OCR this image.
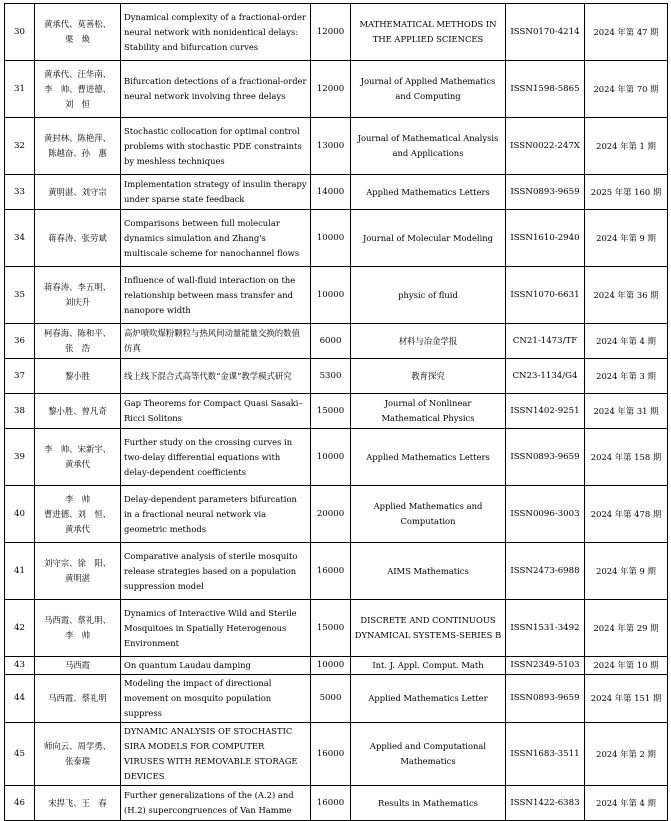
30	黄承代、莫善松、
栗　焕	Dynamical complexity of a fractional-order neural network with nonidentical delays: Stability and bifurcation curves	12000	MATHEMATICAL METHODS IN THE APPLIED SCIENCES	ISSN0170-4214	2024 年第 47 期
31	黄承代、汪华南、
李　帅、曹进德、
刘　恒	Bifurcation detections of a fractional-order neural network involving three delays	12000	Journal of Applied Mathematics and Computing	ISSN1598-5865	2024 年第 70 期
32	黄封林、陈艳萍、
陈越奋、孙　惠	Stochastic collocation for optimal control problems with stochastic PDE constraints by meshless techniques	13000	Journal of Mathematical Analysis and Applications	ISSN0022-247X	2024 年第 1 期
33	黄明湛、刘守宗	Implementation strategy of insulin therapy under sparse state feedback	14000	Applied Mathematics Letters	ISSN0893-9659	2025 年第 160 期
34	蒋春涛、张劳斌	Comparisons between full molecular dynamics simulation and Zhang's multiscale scheme for nanochannel flows	10000	Journal of Molecular Modeling	ISSN1610-2940	2024 年第 9 期
35	蒋春涛、李五明、
刘庆升	Influence of wall-fluid interaction on the relationship between mass transfer and nanopore width	10000	physic of fluid	ISSN1070-6631	2024 年第 36 期
36	柯春海、陈和平、
张　浩	高炉喷吹煤粉颗粒与热风间动量能量交换的数值仿真	6000	材料与冶金学报	CN21-1473/TF	2024 年第 4 期
37	黎小胜	线上线下混合式高等代数“金课”教学模式研究	5300	教育探究	CN23-1134/G4	2024 年第 3 期
38	黎小胜、曾凡奇	Gap Theorems for Compact Quasi Sasaki–Ricci Solitons	15000	Journal of Nonlinear Mathematical Physics	ISSN1402-9251	2024 年第 31 期
39	李　帅、宋新宇、
黄承代	Further study on the crossing curves in two-delay differential equations with delay-dependent coefficients	10000	Applied Mathematics Letters	ISSN0893-9659	2024 年第 158 期
40	李　帅
曹进德、刘　恒、
黄承代	Delay-dependent parameters bifurcation in a fractional neural network via geometric methods	20000	Applied Mathematics and Computation	ISSN0096-3003	2024 年第 478 期
41	刘守宗、徐　阳、
黄明湛	Comparative analysis of sterile mosquito release strategies based on a population suppression model	16000	AIMS Mathematics	ISSN2473-6988	2024 年第 9 期
42	马西霞、蔡礼明、
李　帅	Dynamics of Interactive Wild and Sterile Mosquitoes in Spatially Heterogenous Environment	15000	DISCRETE AND CONTINUOUS DYNAMICAL SYSTEMS-SERIES B	ISSN1531-3492	2024 年第 29 期
43	马西霞	On quantum Laudau damping	10000	Int. J. Appl. Comput. Math	ISSN2349-5103	2024 年第 10 期
44	马西霞、蔡礼明	Modeling the impact of directional movement on mosquito population suppress	5000	Applied Mathematics Letter	ISSN0893-9659	2024 年第 151 期
45	师向云、周学勇、
张泰瑞	DYNAMIC ANALYSIS OF STOCHASTIC SIRA MODELS FOR COMPUTER VIRUSES WITH REMOVABLE STORAGE DEVICES	16000	Applied and Computational Mathematics	ISSN1683-3511	2024 年第 2 期
46	宋捍飞、王　春	Further generalizations of the (A.2) and (H.2) supercongruences of Van Hamme	16000	Results in Mathematics	ISSN1422-6383	2024 年第 4 期
